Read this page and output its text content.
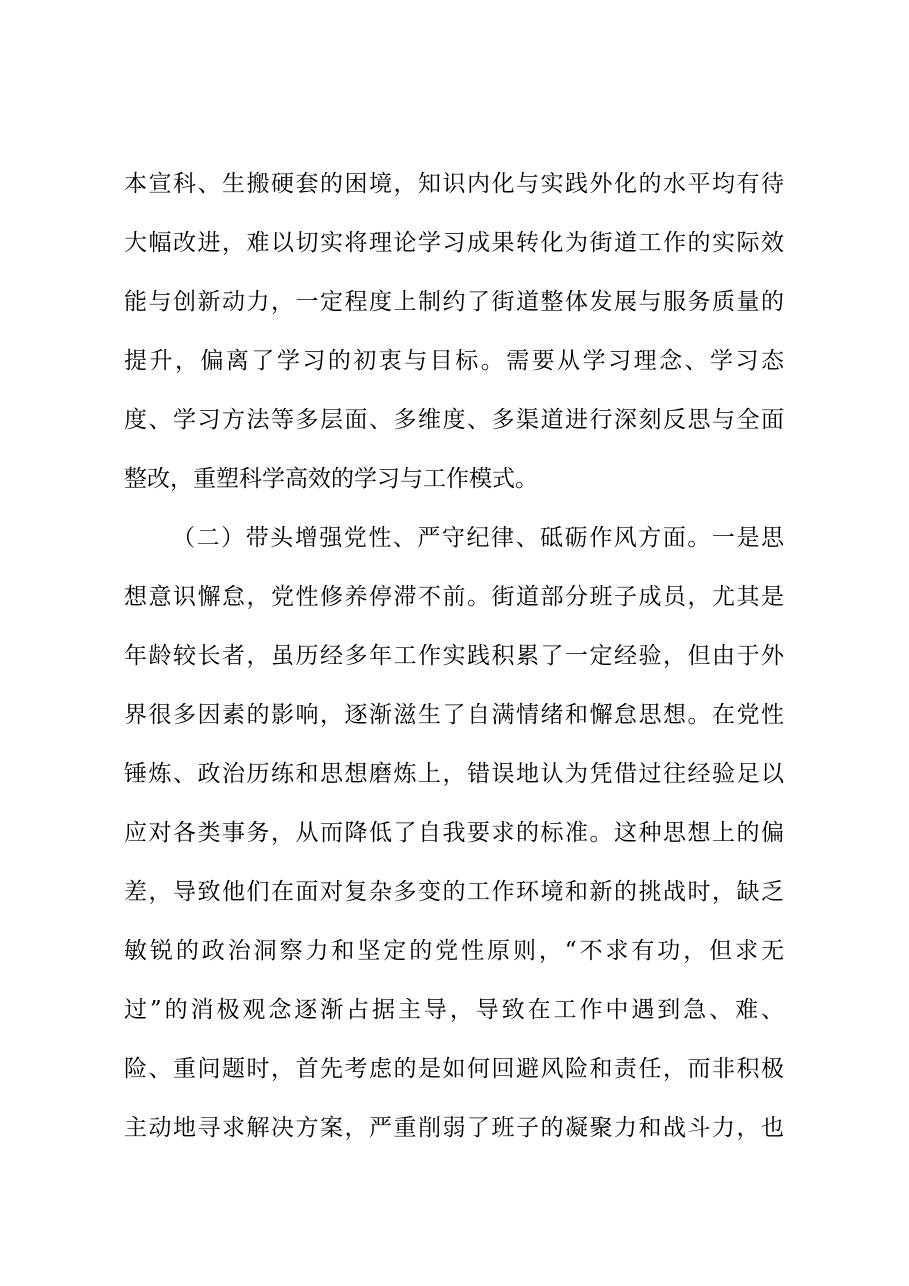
本宣科、生搬硬套的困境，知识内化与实践外化的水平均有待
大幅改进，难以切实将理论学习成果转化为街道工作的实际效
能与创新动力，一定程度上制约了街道整体发展与服务质量的
提升，偏离了学习的初衷与目标。需要从学习理念、学习态
度、学习方法等多层面、多维度、多渠道进行深刻反思与全面
整改，重塑科学高效的学习与工作模式。
（二）带头增强党性、严守纪律、砥砺作风方面。一是思
想意识懈怠，党性修养停滞不前。街道部分班子成员，尤其是
年龄较长者，虽历经多年工作实践积累了一定经验，但由于外
界很多因素的影响，逐渐滋生了自满情绪和懈怠思想。在党性
锤炼、政治历练和思想磨炼上，错误地认为凭借过往经验足以
应对各类事务，从而降低了自我要求的标准。这种思想上的偏
差，导致他们在面对复杂多变的工作环境和新的挑战时，缺乏
敏锐的政治洞察力和坚定的党性原则，“不求有功，但求无
过”的消极观念逐渐占据主导，导致在工作中遇到急、难、
险、重问题时，首先考虑的是如何回避风险和责任，而非积极
主动地寻求解决方案，严重削弱了班子的凝聚力和战斗力，也
